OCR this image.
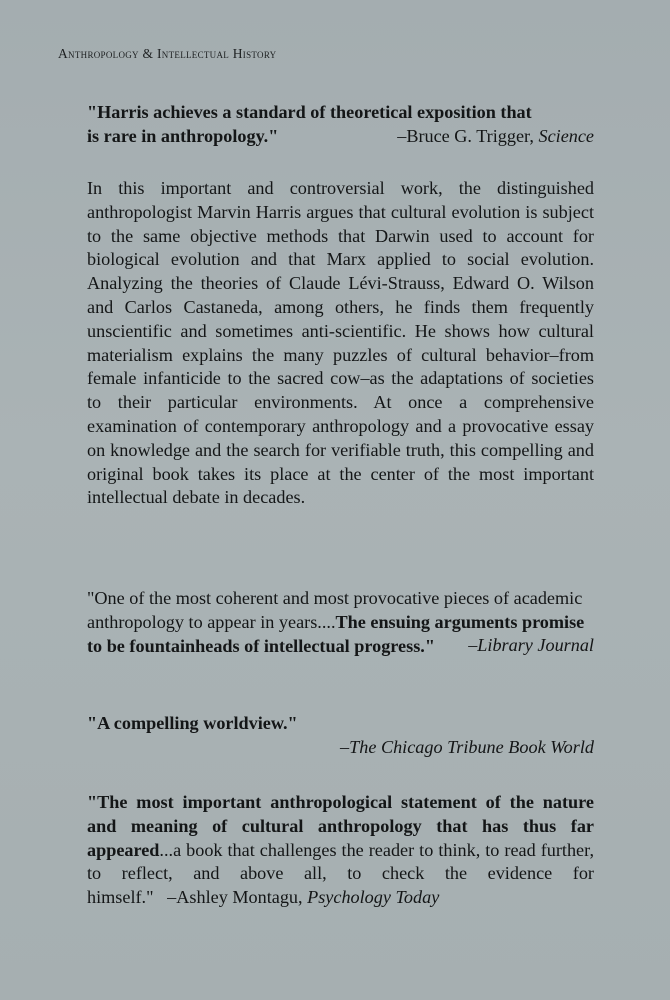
Anthropology & Intellectual History

"Harris achieves a standard of theoretical exposition that

is rare in anthropology."	–Bruce G. Trigger, Science

In this important and controversial work, the distinguished anthropologist Marvin Harris argues that cultural evolution is subject to the same objective methods that Darwin used to account for biological evolution and that Marx applied to social evolution. Analyzing the theories of Claude Lévi-Strauss, Edward O. Wilson and Carlos Castaneda, among others, he finds them frequently unscientific and sometimes anti-scientific. He shows how cultural materialism explains the many puzzles of cultural behavior–from female infanticide to the sacred cow–as the adaptations of societies to their particular environments. At once a comprehensive examination of contemporary anthropology and a provocative essay on knowledge and the search for verifiable truth, this compelling and original book takes its place at the center of the most important intellectual debate in decades.

"One of the most coherent and most provocative pieces of academic anthropology to appear in years....The ensuing arguments promise to be fountainheads of intellectual progress."	–Library Journal

"A compelling worldview."

–The Chicago Tribune Book World

"The most important anthropological statement of the nature and meaning of cultural anthropology that has thus far appeared...a book that challenges the reader to think, to read further, to reflect, and above all, to check the evidence for himself." –Ashley Montagu, Psychology Today
